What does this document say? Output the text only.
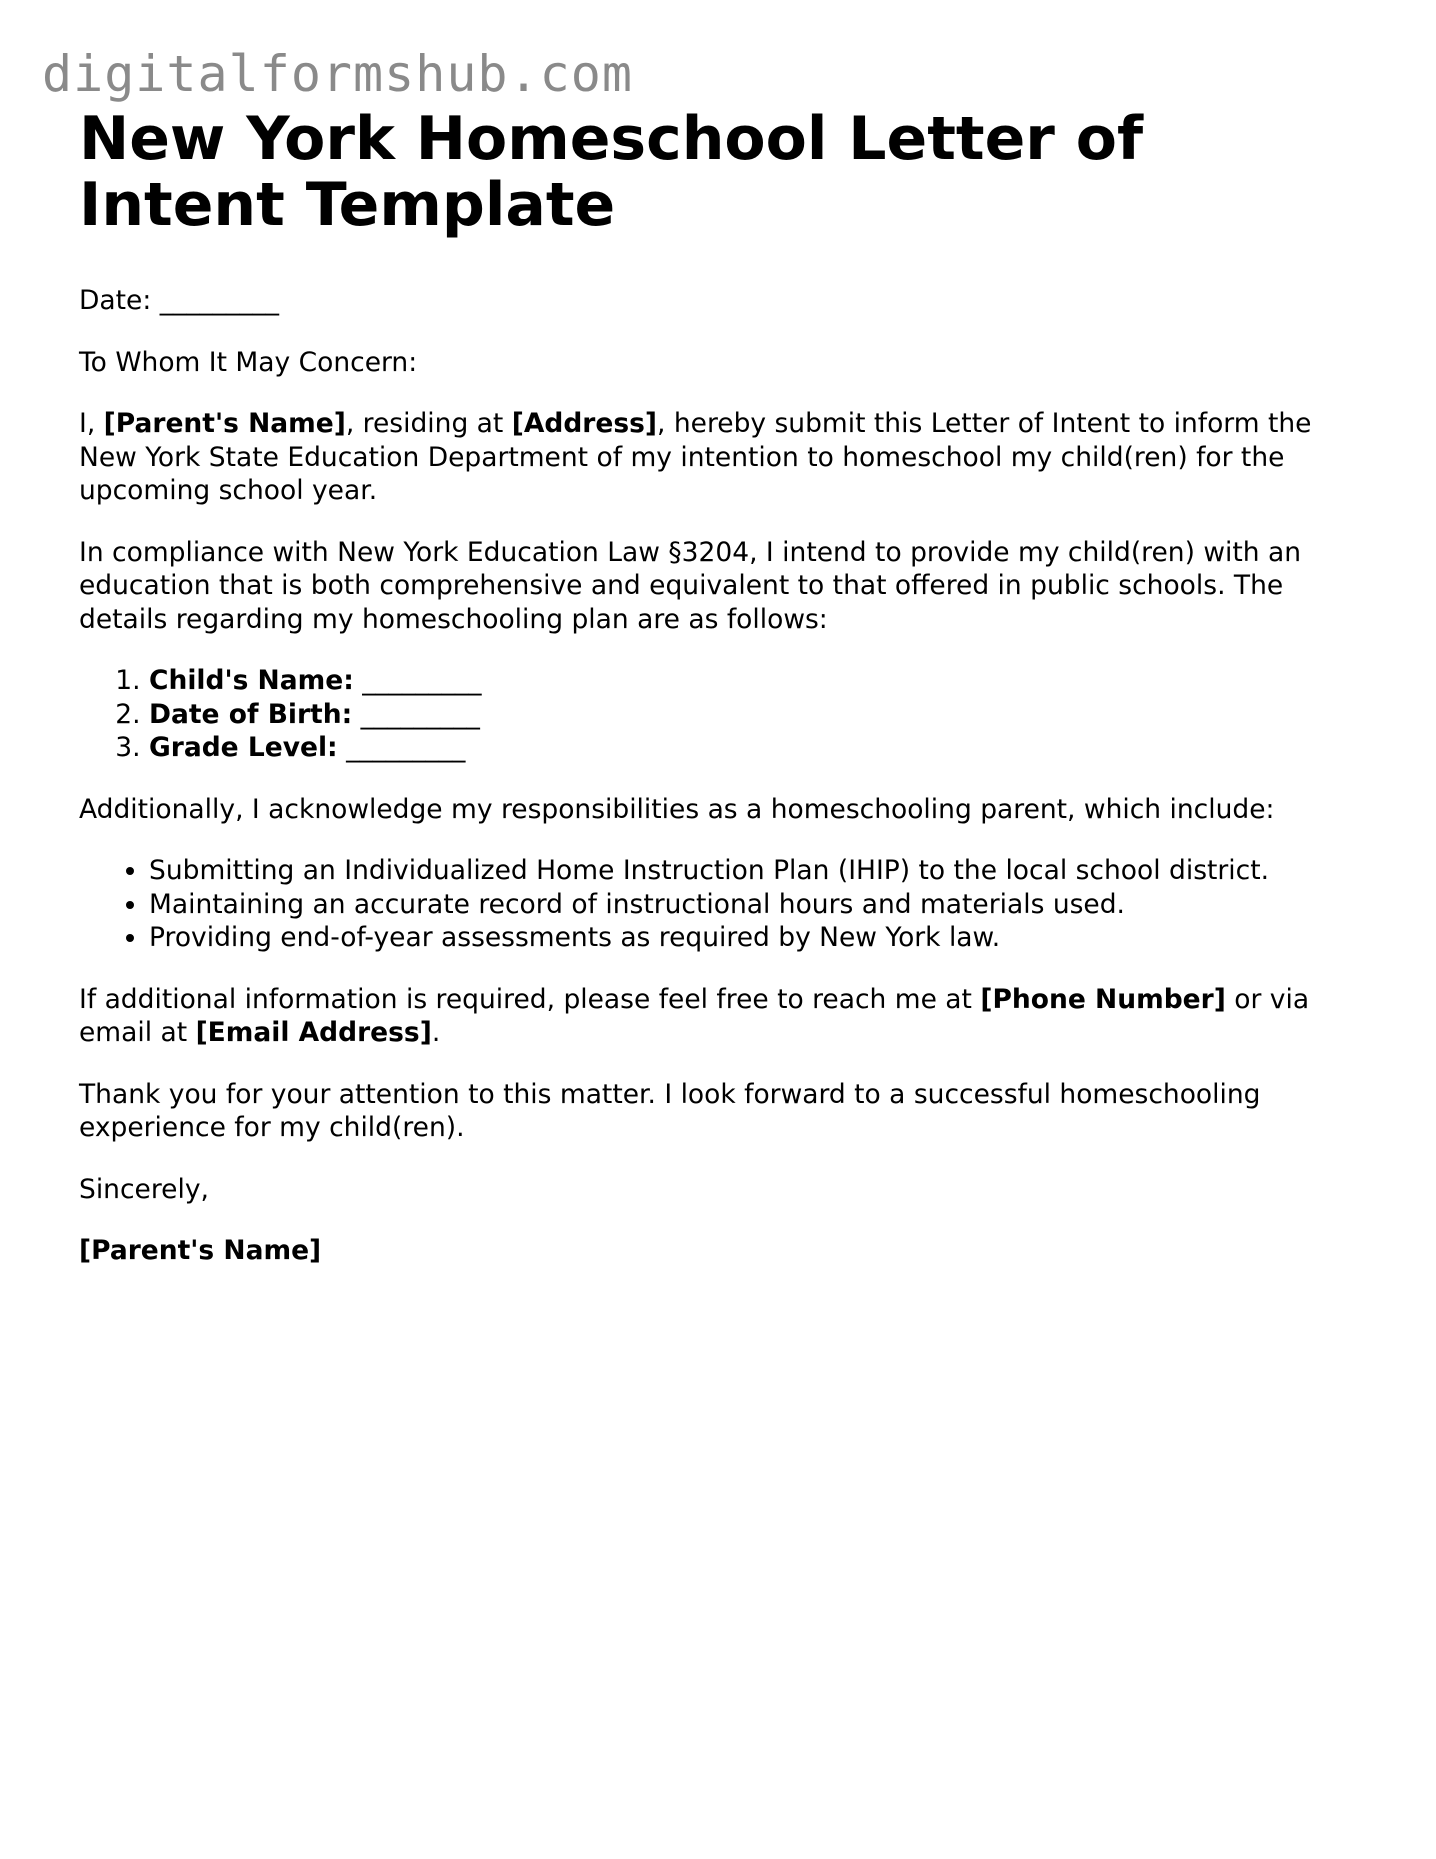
digitalformshub.com
New York Homeschool Letter of Intent Template

Date: _________

To Whom It May Concern:

I, [Parent's Name], residing at [Address], hereby submit this Letter of Intent to inform the New York State Education Department of my intention to homeschool my child(ren) for the upcoming school year.

In compliance with New York Education Law §3204, I intend to provide my child(ren) with an education that is both comprehensive and equivalent to that offered in public schools. The details regarding my homeschooling plan are as follows:

1. Child's Name: _________
2. Date of Birth: _________
3. Grade Level: _________

Additionally, I acknowledge my responsibilities as a homeschooling parent, which include:

• Submitting an Individualized Home Instruction Plan (IHIP) to the local school district.
• Maintaining an accurate record of instructional hours and materials used.
• Providing end-of-year assessments as required by New York law.

If additional information is required, please feel free to reach me at [Phone Number] or via email at [Email Address].

Thank you for your attention to this matter. I look forward to a successful homeschooling experience for my child(ren).

Sincerely,

[Parent's Name]
